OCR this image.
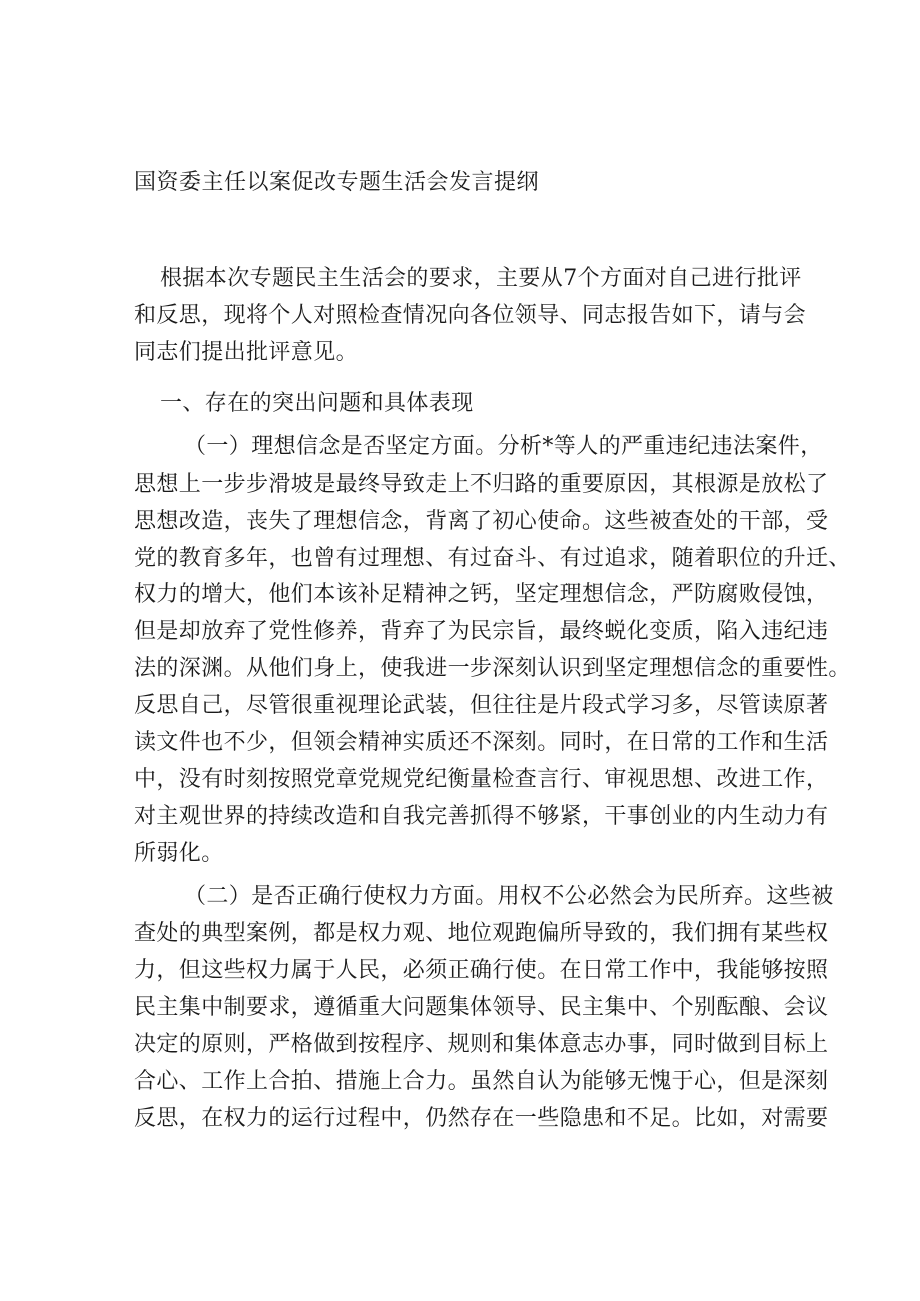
国资委主任以案促改专题生活会发言提纲
根据本次专题民主生活会的要求，主要从7个方面对自己进行批评
和反思，现将个人对照检查情况向各位领导、同志报告如下，请与会
同志们提出批评意见。
一、存在的突出问题和具体表现
（一）理想信念是否坚定方面。分析*等人的严重违纪违法案件，
思想上一步步滑坡是最终导致走上不归路的重要原因，其根源是放松了
思想改造，丧失了理想信念，背离了初心使命。这些被查处的干部，受
党的教育多年，也曾有过理想、有过奋斗、有过追求，随着职位的升迁、
权力的增大，他们本该补足精神之钙，坚定理想信念，严防腐败侵蚀，
但是却放弃了党性修养，背弃了为民宗旨，最终蜕化变质，陷入违纪违
法的深渊。从他们身上，使我进一步深刻认识到坚定理想信念的重要性。
反思自己，尽管很重视理论武装，但往往是片段式学习多，尽管读原著
读文件也不少，但领会精神实质还不深刻。同时，在日常的工作和生活
中，没有时刻按照党章党规党纪衡量检查言行、审视思想、改进工作，
对主观世界的持续改造和自我完善抓得不够紧，干事创业的内生动力有
所弱化。
（二）是否正确行使权力方面。用权不公必然会为民所弃。这些被
查处的典型案例，都是权力观、地位观跑偏所导致的，我们拥有某些权
力，但这些权力属于人民，必须正确行使。在日常工作中，我能够按照
民主集中制要求，遵循重大问题集体领导、民主集中、个别酝酿、会议
决定的原则，严格做到按程序、规则和集体意志办事，同时做到目标上
合心、工作上合拍、措施上合力。虽然自认为能够无愧于心，但是深刻
反思，在权力的运行过程中，仍然存在一些隐患和不足。比如，对需要
